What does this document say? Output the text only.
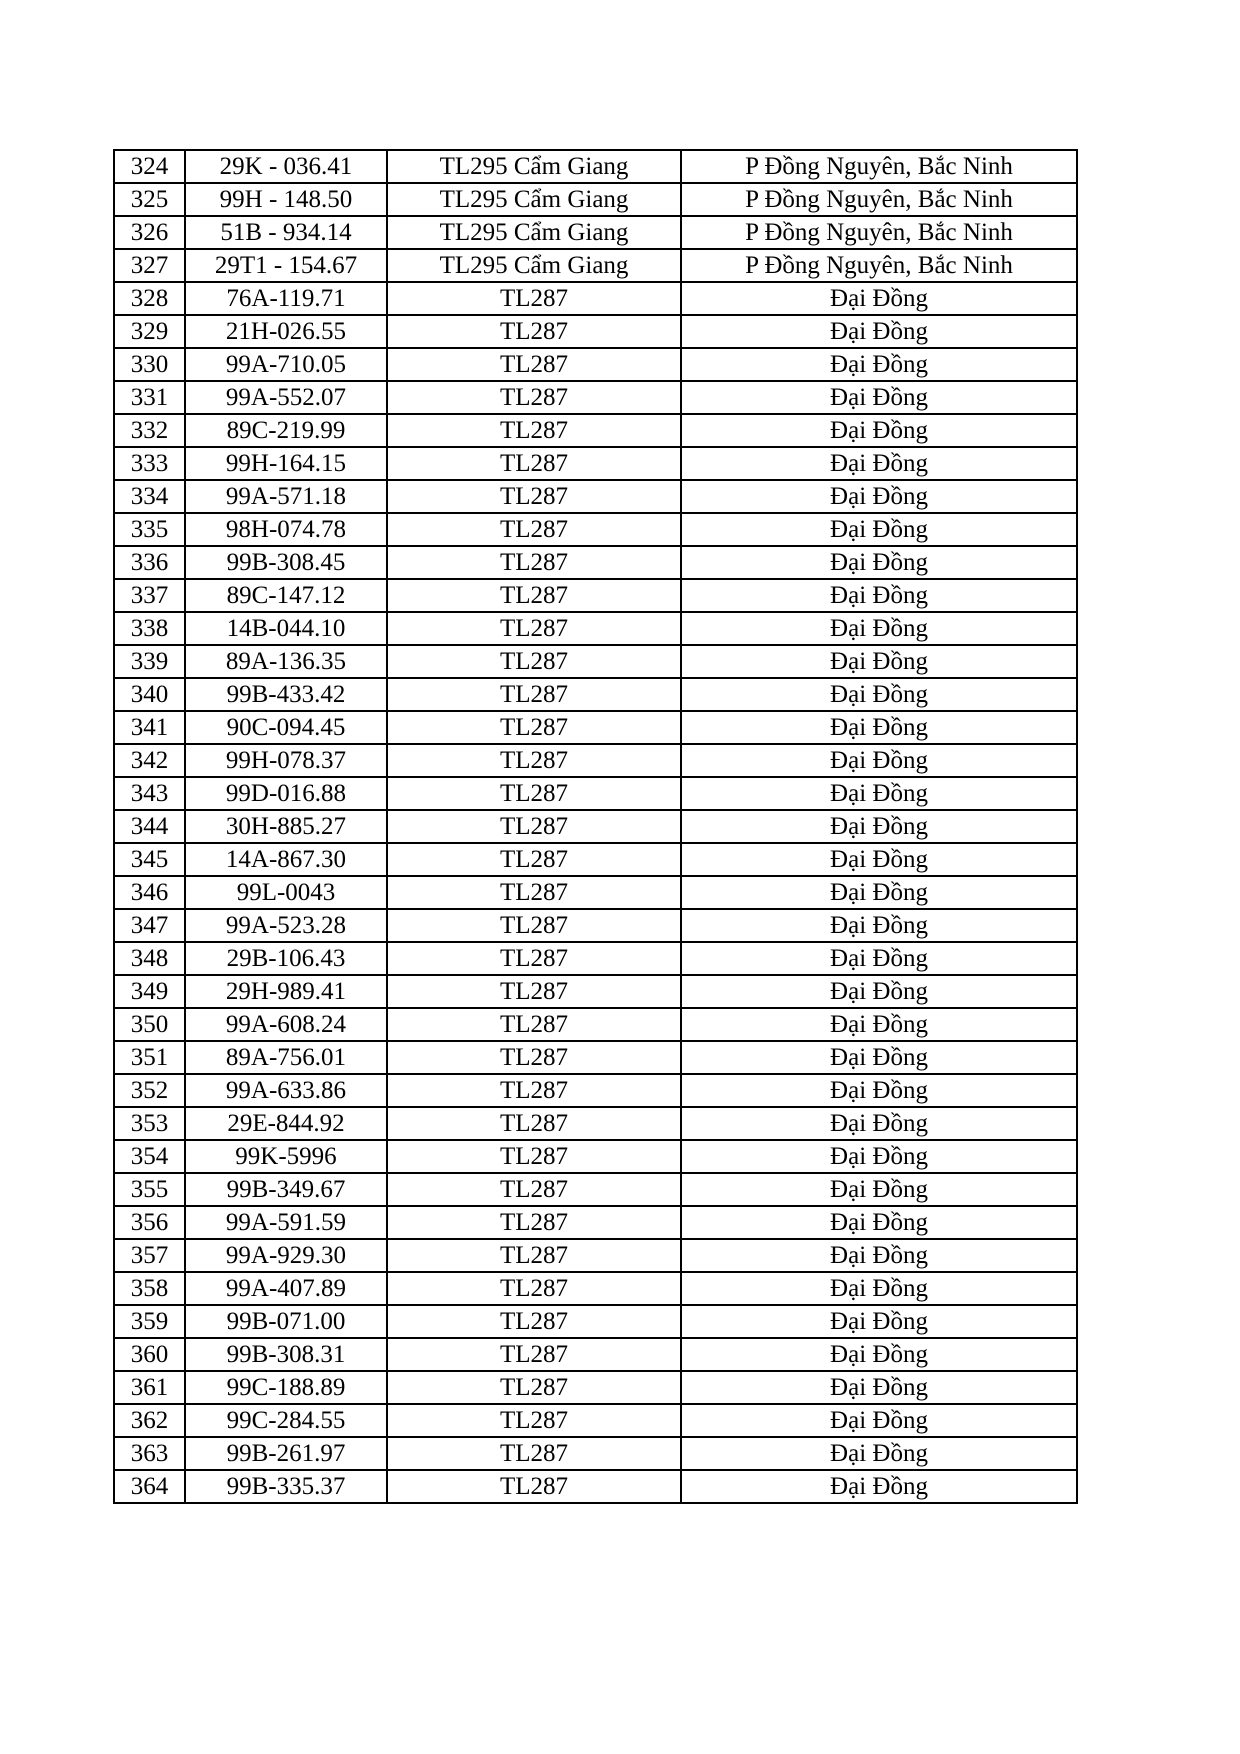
324	29K - 036.41	TL295 Cẩm Giang	P Đồng Nguyên, Bắc Ninh
325	99H - 148.50	TL295 Cẩm Giang	P Đồng Nguyên, Bắc Ninh
326	51B - 934.14	TL295 Cẩm Giang	P Đồng Nguyên, Bắc Ninh
327	29T1 - 154.67	TL295 Cẩm Giang	P Đồng Nguyên, Bắc Ninh
328	76A-119.71	TL287	Đại Đồng
329	21H-026.55	TL287	Đại Đồng
330	99A-710.05	TL287	Đại Đồng
331	99A-552.07	TL287	Đại Đồng
332	89C-219.99	TL287	Đại Đồng
333	99H-164.15	TL287	Đại Đồng
334	99A-571.18	TL287	Đại Đồng
335	98H-074.78	TL287	Đại Đồng
336	99B-308.45	TL287	Đại Đồng
337	89C-147.12	TL287	Đại Đồng
338	14B-044.10	TL287	Đại Đồng
339	89A-136.35	TL287	Đại Đồng
340	99B-433.42	TL287	Đại Đồng
341	90C-094.45	TL287	Đại Đồng
342	99H-078.37	TL287	Đại Đồng
343	99D-016.88	TL287	Đại Đồng
344	30H-885.27	TL287	Đại Đồng
345	14A-867.30	TL287	Đại Đồng
346	99L-0043	TL287	Đại Đồng
347	99A-523.28	TL287	Đại Đồng
348	29B-106.43	TL287	Đại Đồng
349	29H-989.41	TL287	Đại Đồng
350	99A-608.24	TL287	Đại Đồng
351	89A-756.01	TL287	Đại Đồng
352	99A-633.86	TL287	Đại Đồng
353	29E-844.92	TL287	Đại Đồng
354	99K-5996	TL287	Đại Đồng
355	99B-349.67	TL287	Đại Đồng
356	99A-591.59	TL287	Đại Đồng
357	99A-929.30	TL287	Đại Đồng
358	99A-407.89	TL287	Đại Đồng
359	99B-071.00	TL287	Đại Đồng
360	99B-308.31	TL287	Đại Đồng
361	99C-188.89	TL287	Đại Đồng
362	99C-284.55	TL287	Đại Đồng
363	99B-261.97	TL287	Đại Đồng
364	99B-335.37	TL287	Đại Đồng
